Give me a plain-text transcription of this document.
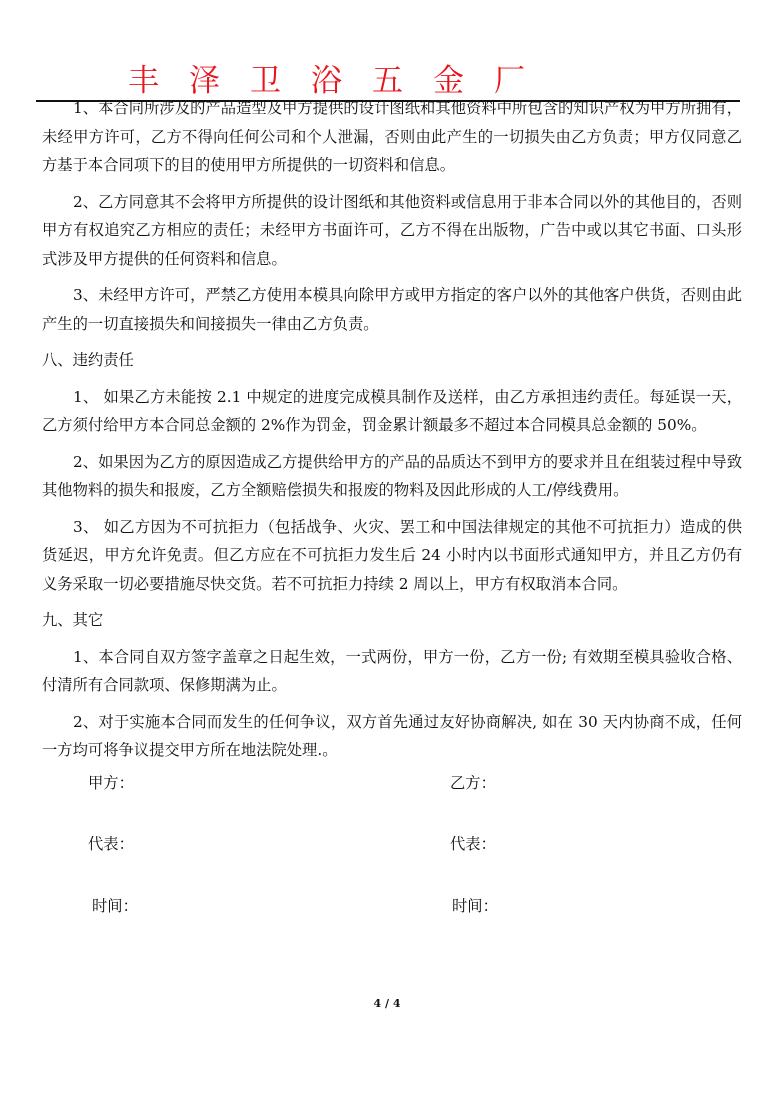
丰泽卫浴五金厂

1、本合同所涉及的产品造型及甲方提供的设计图纸和其他资料中所包含的知识产权为甲方所拥有，未经甲方许可，乙方不得向任何公司和个人泄漏，否则由此产生的一切损失由乙方负责；甲方仅同意乙方基于本合同项下的目的使用甲方所提供的一切资料和信息。

2、乙方同意其不会将甲方所提供的设计图纸和其他资料或信息用于非本合同以外的其他目的，否则甲方有权追究乙方相应的责任；未经甲方书面许可，乙方不得在出版物，广告中或以其它书面、口头形式涉及甲方提供的任何资料和信息。

3、未经甲方许可，严禁乙方使用本模具向除甲方或甲方指定的客户以外的其他客户供货，否则由此产生的一切直接损失和间接损失一律由乙方负责。

八、违约责任

1、 如果乙方未能按 2.1 中规定的进度完成模具制作及送样，由乙方承担违约责任。每延误一天，乙方须付给甲方本合同总金额的 2%作为罚金，罚金累计额最多不超过本合同模具总金额的 50%。

2、如果因为乙方的原因造成乙方提供给甲方的产品的品质达不到甲方的要求并且在组装过程中导致其他物料的损失和报废，乙方全额赔偿损失和报废的物料及因此形成的人工/停线费用。

3、 如乙方因为不可抗拒力（包括战争、火灾、罢工和中国法律规定的其他不可抗拒力）造成的供货延迟，甲方允许免责。但乙方应在不可抗拒力发生后 24 小时内以书面形式通知甲方，并且乙方仍有义务采取一切必要措施尽快交货。若不可抗拒力持续 2 周以上，甲方有权取消本合同。

九、其它

1、本合同自双方签字盖章之日起生效，一式两份，甲方一份，乙方一份; 有效期至模具验收合格、付清所有合同款项、保修期满为止。

2、对于实施本合同而发生的任何争议，双方首先通过友好协商解决, 如在 30 天内协商不成，任何一方均可将争议提交甲方所在地法院处理.。

甲方：	乙方：
代表：	代表：
时间：	时间：
4 / 4
